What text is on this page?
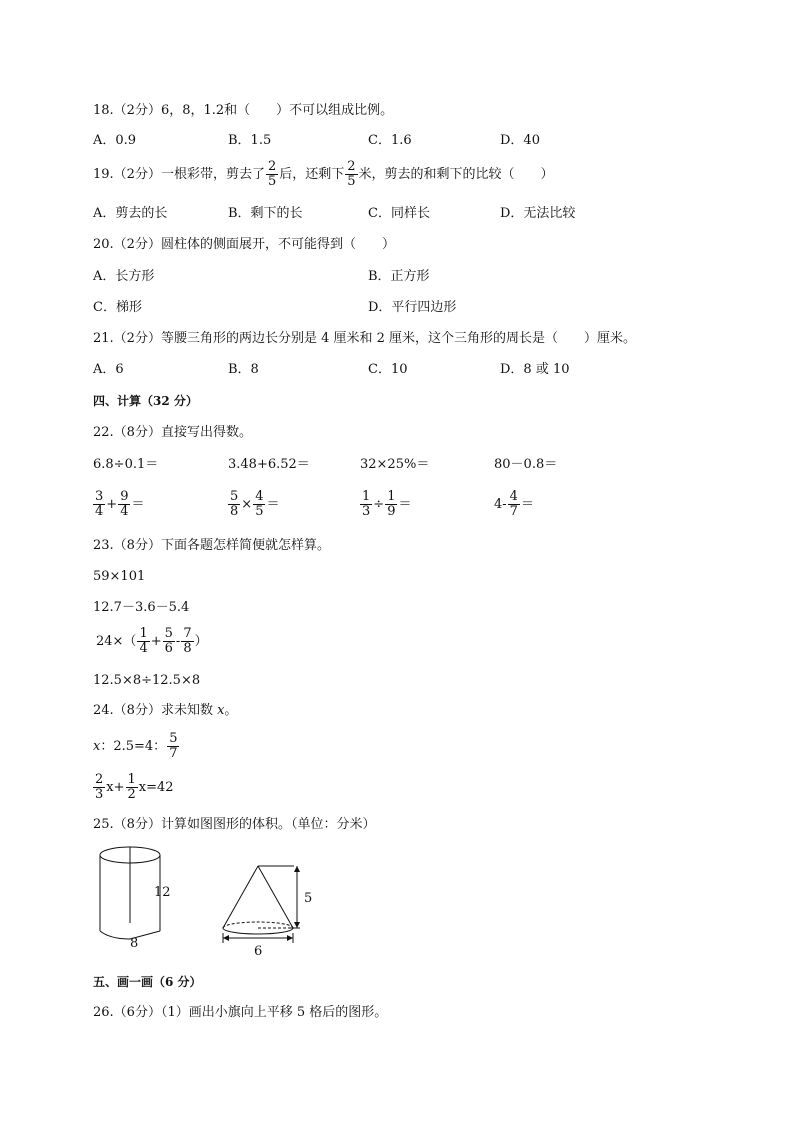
18.（2分）6，8，1.2和（　　）不可以组成比例。
A．0.9	B．1.5	C．1.6	D．40
19.（2分）一根彩带，剪去了 $\frac{2}{5}$ 后，还剩下 $\frac{2}{5}$ 米，剪去的和剩下的比较（　　）
A．剪去的长	B．剩下的长	C．同样长	D．无法比较
20.（2分）圆柱体的侧面展开，不可能得到（　　）
A．长方形	B．正方形
C．梯形	D．平行四边形
21.（2分）等腰三角形的两边长分别是 4 厘米和 2 厘米，这个三角形的周长是（　　）厘米。
A．6	B．8	C．10	D．8 或 10
四、计算（32 分）
22.（8分）直接写出得数。
6.8÷0.1＝	3.48+6.52＝	32×25%＝	80－0.8＝
$\frac{3}{4} + \frac{9}{4}$ ＝	$\frac{5}{8} \times \frac{4}{5}$ ＝	$\frac{1}{3} \div \frac{1}{9}$ ＝	$4- \frac{4}{7}$ ＝
23.（8分）下面各题怎样简便就怎样算。
59×101
12.7－3.6－5.4
$24\times( \frac{1}{4} + \frac{5}{6} - \frac{7}{8}$ ）
12.5×8÷12.5×8
24.（8分）求未知数 x。
x ：2.5=4： $\frac{5}{7}$
$\frac{2}{3} x+ \frac{1}{2} x=42$
25.（8分）计算如图图形的体积。（单位：分米）
12
8
5
6
五、画一画（6 分）
26.（6分）（1）画出小旗向上平移 5 格后的图形。
